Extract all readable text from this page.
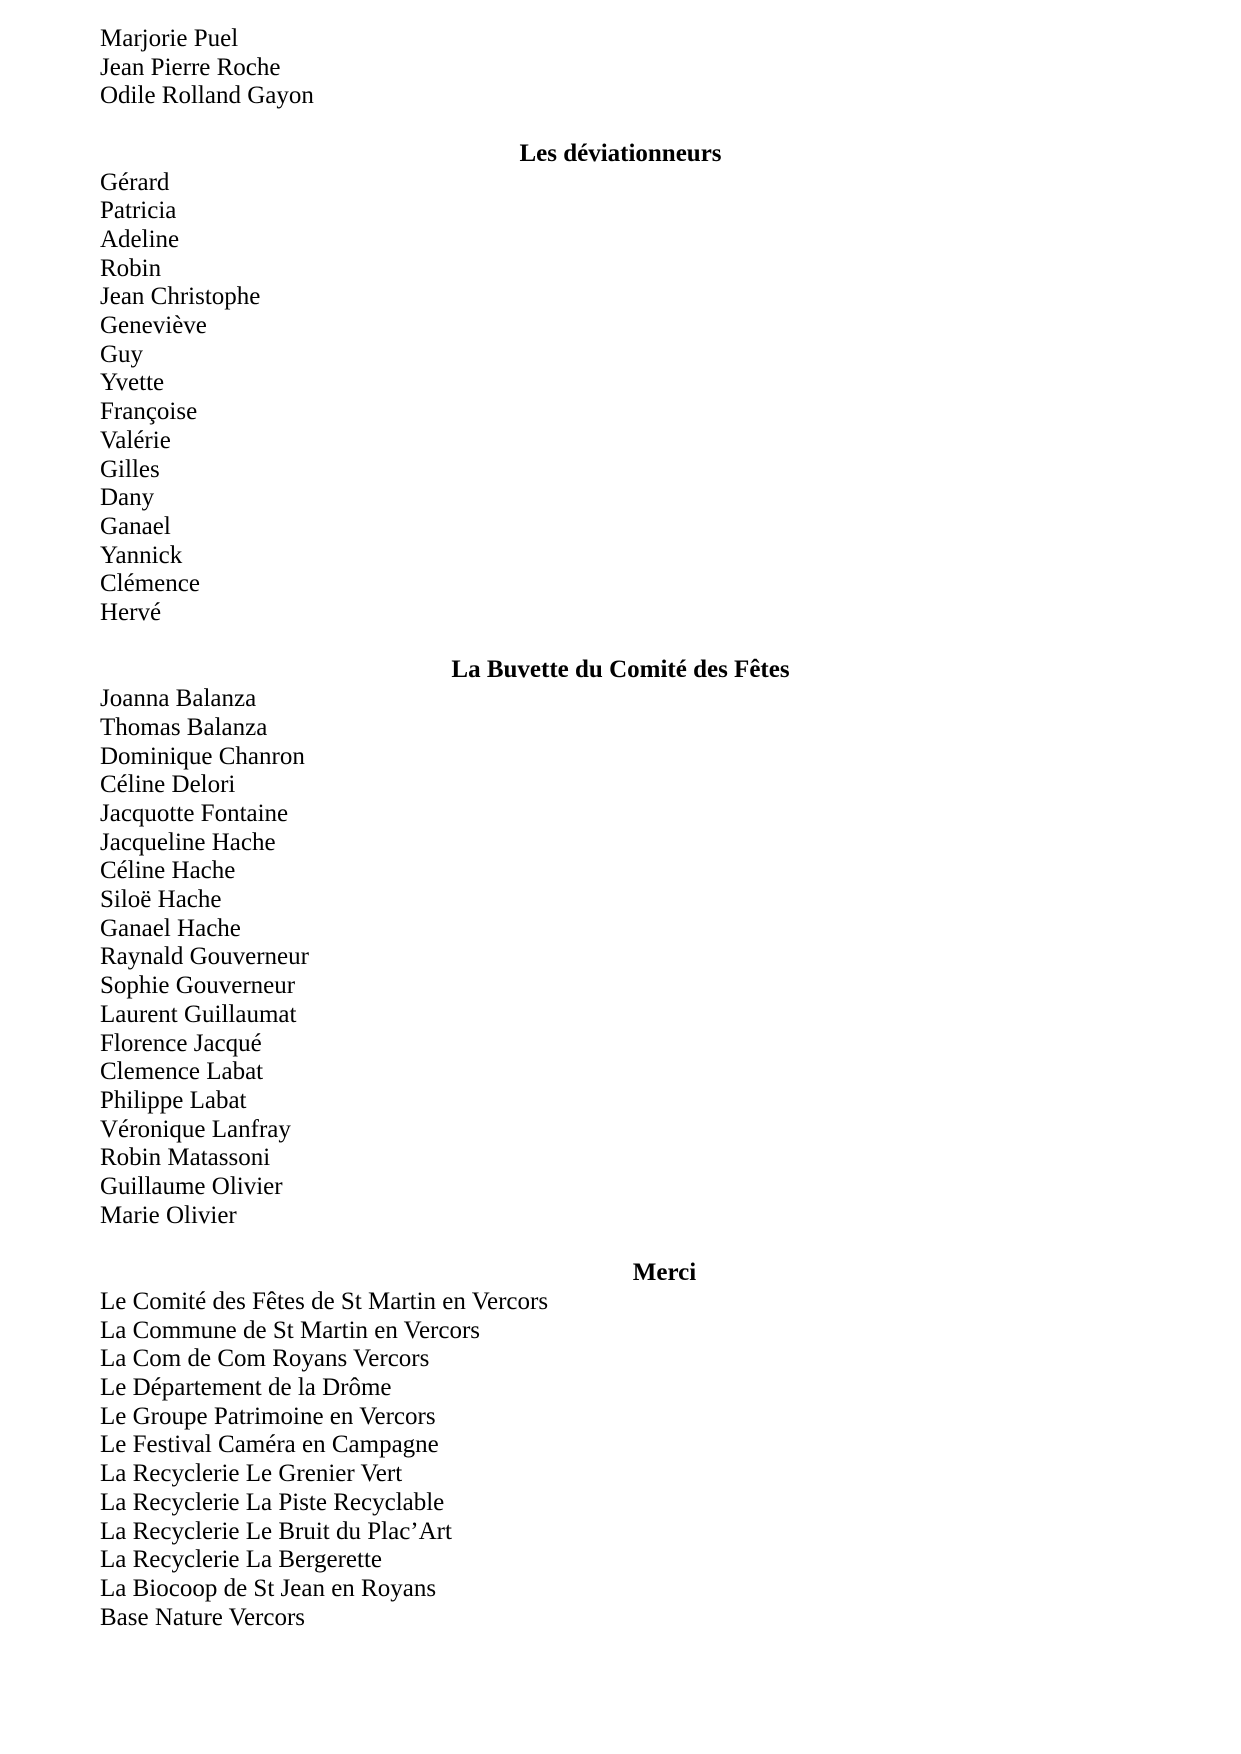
Marjorie Puel
Jean Pierre Roche
Odile Rolland Gayon
Les déviationneurs
Gérard
Patricia
Adeline
Robin
Jean Christophe
Geneviève
Guy
Yvette
Françoise
Valérie
Gilles
Dany
Ganael
Yannick
Clémence
Hervé
La Buvette du Comité des Fêtes
Joanna Balanza
Thomas Balanza
Dominique Chanron
Céline Delori
Jacquotte Fontaine
Jacqueline Hache
Céline Hache
Siloë Hache
Ganael Hache
Raynald Gouverneur
Sophie Gouverneur
Laurent Guillaumat
Florence Jacqué
Clemence Labat
Philippe Labat
Véronique Lanfray
Robin Matassoni
Guillaume Olivier
Marie Olivier
Merci
Le Comité des Fêtes de St Martin en Vercors
La Commune de St Martin en Vercors
La Com de Com Royans Vercors
Le Département de la Drôme
Le Groupe Patrimoine en Vercors
Le Festival Caméra en Campagne
La Recyclerie Le Grenier Vert
La Recyclerie La Piste Recyclable
La Recyclerie Le Bruit du Plac’Art
La Recyclerie La Bergerette
La Biocoop de St Jean en Royans
Base Nature Vercors
